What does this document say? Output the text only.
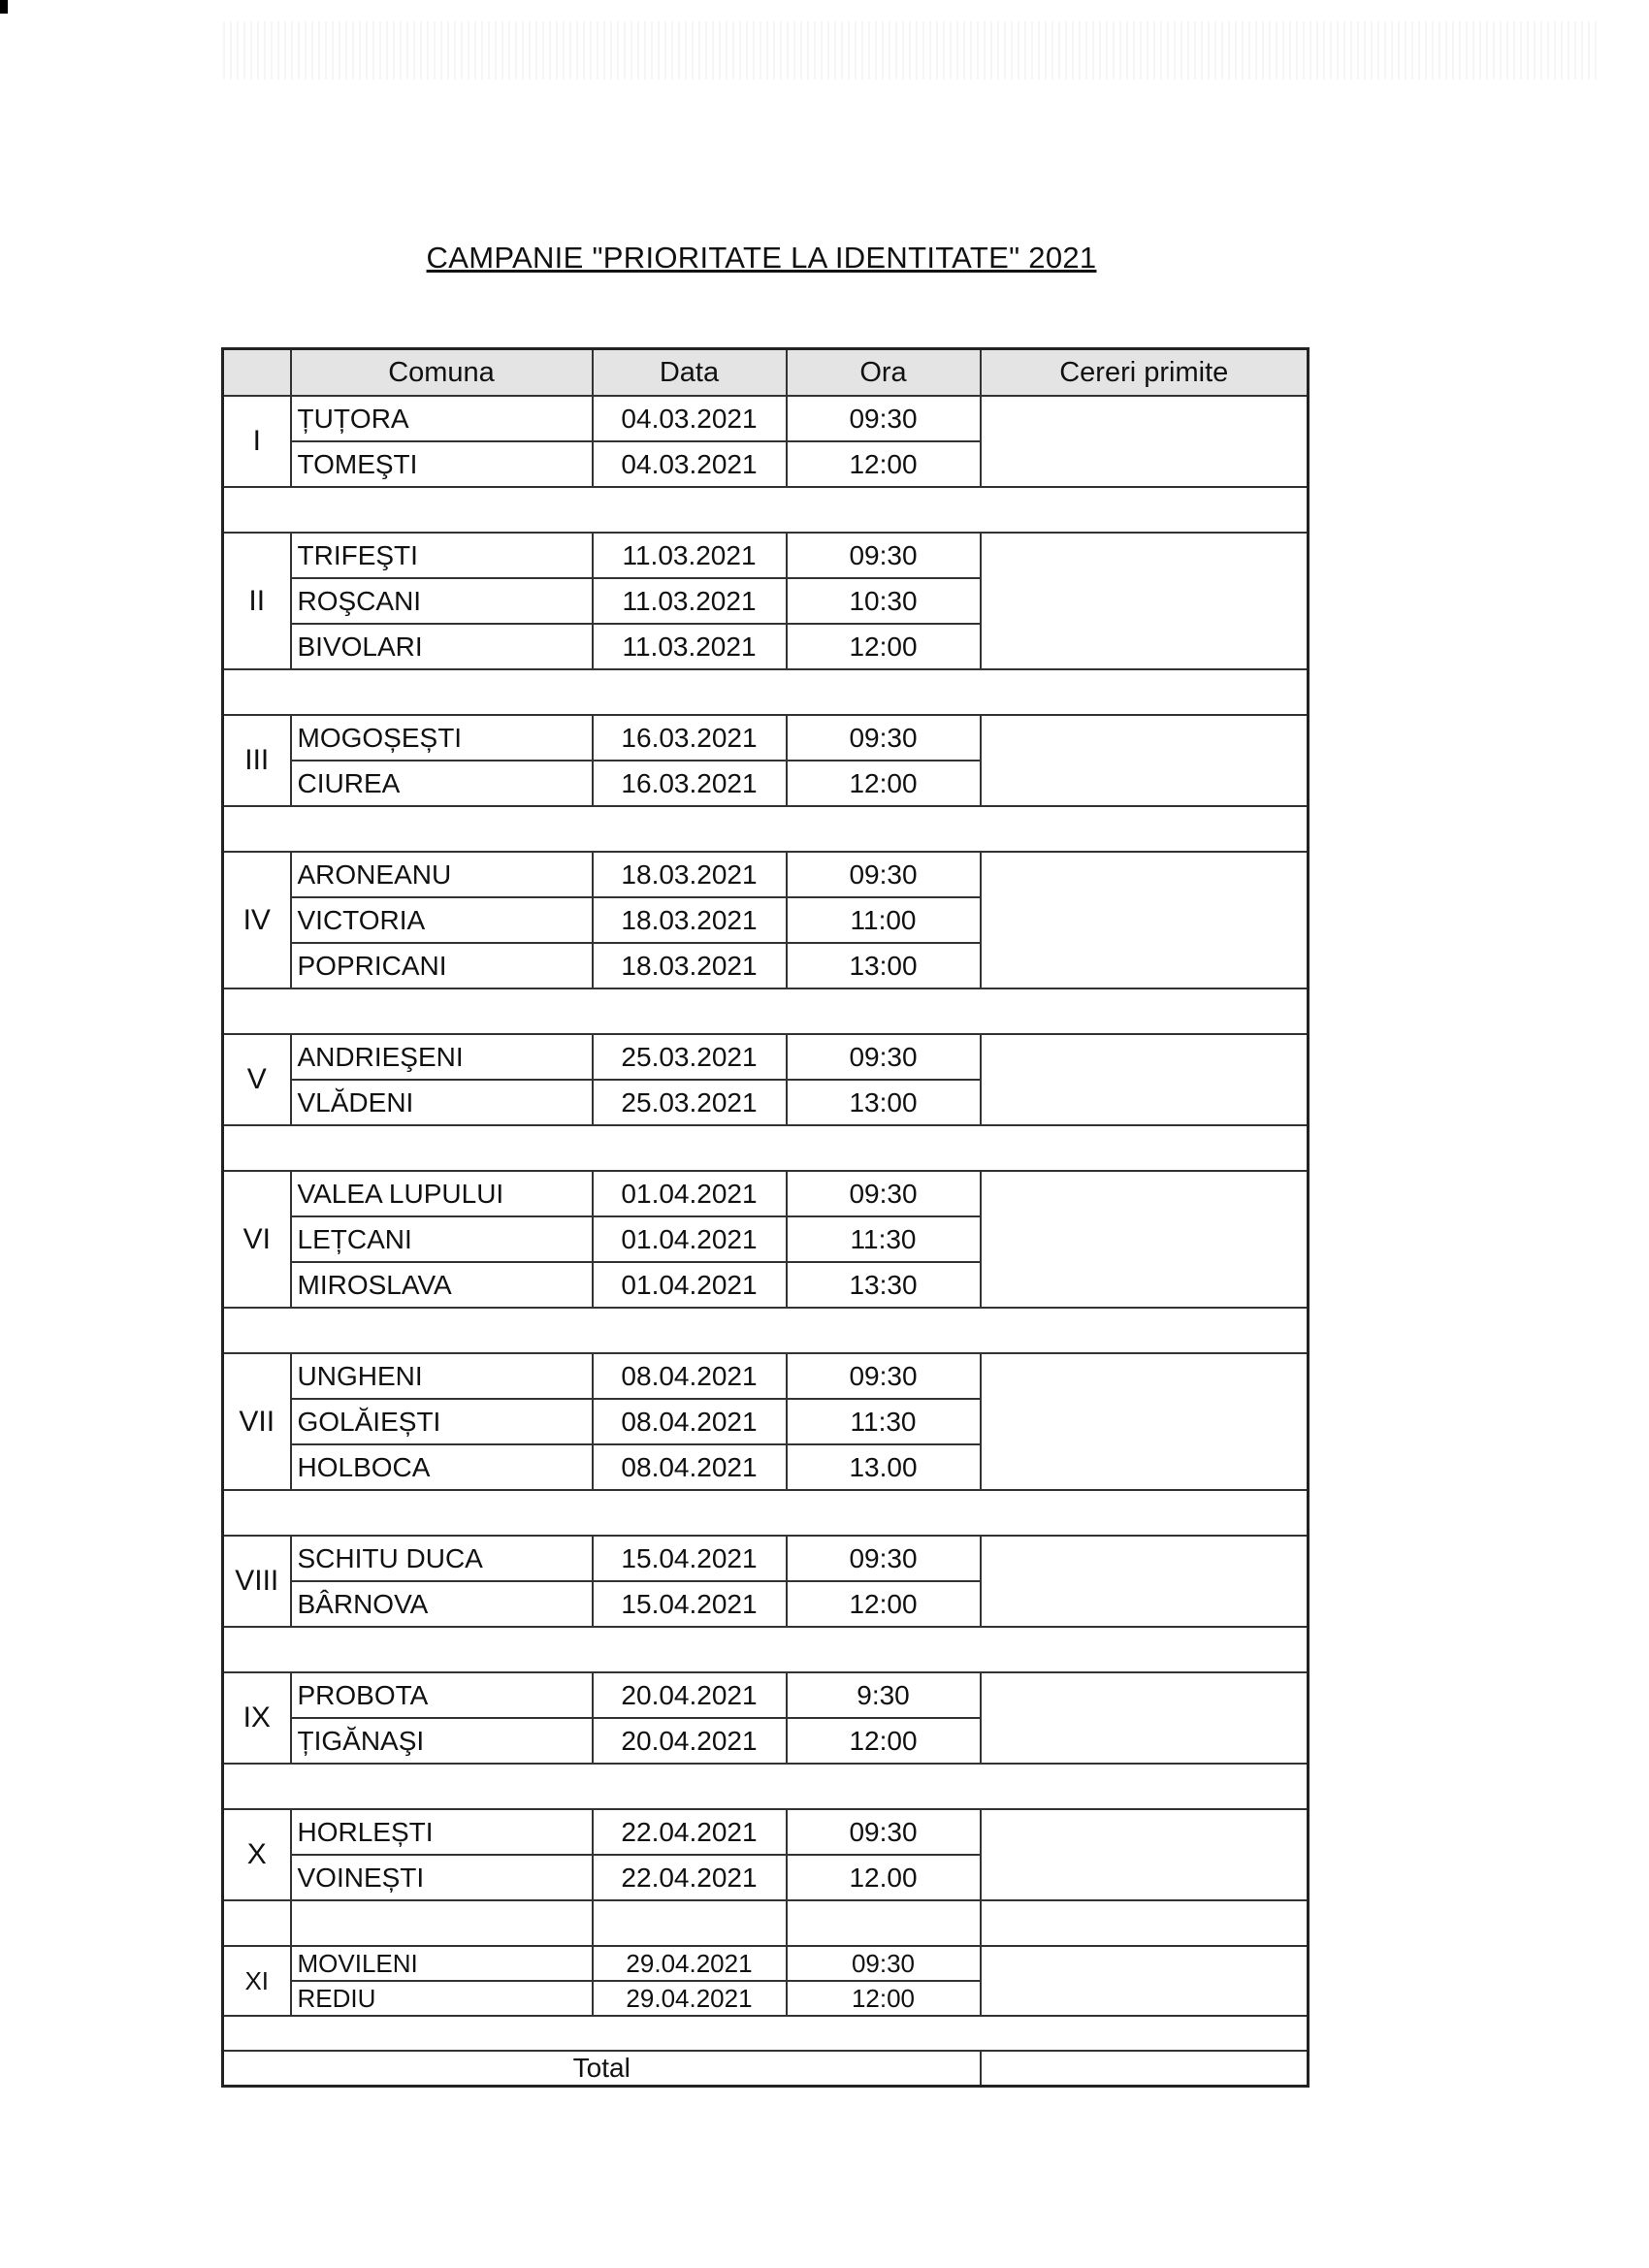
CAMPANIE "PRIORITATE LA IDENTITATE" 2021
	Comuna	Data	Ora	Cereri primite
I	ȚUȚORA	04.03.2021	09:30	
	TOMEŞTI	04.03.2021	12:00	

II	TRIFEŞTI	11.03.2021	09:30	
	ROŞCANI	11.03.2021	10:30	
	BIVOLARI	11.03.2021	12:00	

III	MOGOȘEȘTI	16.03.2021	09:30	
	CIUREA	16.03.2021	12:00	

IV	ARONEANU	18.03.2021	09:30	
	VICTORIA	18.03.2021	11:00	
	POPRICANI	18.03.2021	13:00	

V	ANDRIEŞENI	25.03.2021	09:30	
	VLĂDENI	25.03.2021	13:00	

VI	VALEA LUPULUI	01.04.2021	09:30	
	LEȚCANI	01.04.2021	11:30	
	MIROSLAVA	01.04.2021	13:30	

VII	UNGHENI	08.04.2021	09:30	
	GOLĂIEȘTI	08.04.2021	11:30	
	HOLBOCA	08.04.2021	13.00	

VIII	SCHITU DUCA	15.04.2021	09:30	
	BÂRNOVA	15.04.2021	12:00	

IX	PROBOTA	20.04.2021	9:30	
	ȚIGĂNAŞI	20.04.2021	12:00	

X	HORLEȘTI	22.04.2021	09:30	
	VOINEȘTI	22.04.2021	12.00	

XI	MOVILENI	29.04.2021	09:30	
	REDIU	29.04.2021	12:00	

Total				
